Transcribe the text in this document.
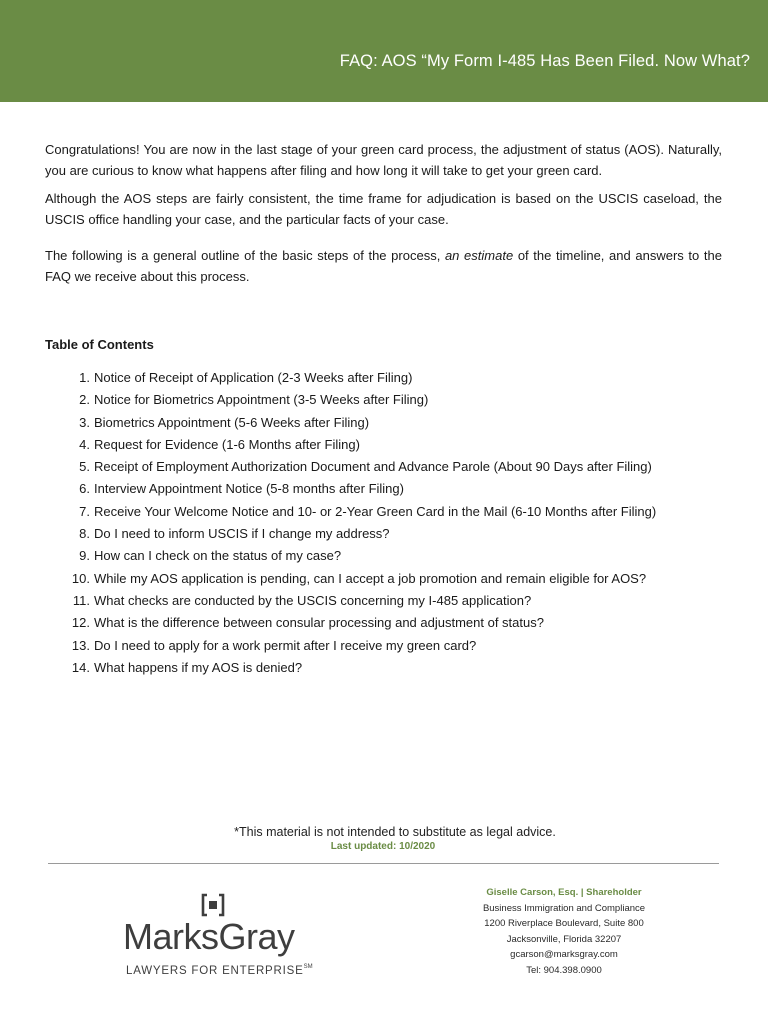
FAQ: AOS “My Form I-485 Has Been Filed. Now What?

Congratulations! You are now in the last stage of your green card process, the adjustment of status (AOS). Naturally, you are curious to know what happens after filing and how long it will take to get your green card.

Although the AOS steps are fairly consistent, the time frame for adjudication is based on the USCIS caseload, the USCIS office handling your case, and the particular facts of your case.

The following is a general outline of the basic steps of the process, an estimate of the timeline, and answers to the FAQ we receive about this process.

Table of Contents
1. Notice of Receipt of Application (2-3 Weeks after Filing)
2. Notice for Biometrics Appointment (3-5 Weeks after Filing)
3. Biometrics Appointment (5-6 Weeks after Filing)
4. Request for Evidence (1-6 Months after Filing)
5. Receipt of Employment Authorization Document and Advance Parole (About 90 Days after Filing)
6. Interview Appointment Notice (5-8 months after Filing)
7. Receive Your Welcome Notice and 10- or 2-Year Green Card in the Mail (6-10 Months after Filing)
8. Do I need to inform USCIS if I change my address?
9. How can I check on the status of my case?
10. While my AOS application is pending, can I accept a job promotion and remain eligible for AOS?
11. What checks are conducted by the USCIS concerning my I-485 application?
12. What is the difference between consular processing and adjustment of status?
13. Do I need to apply for a work permit after I receive my green card?
14. What happens if my AOS is denied?
*This material is not intended to substitute as legal advice.
Last updated: 10/2020
MarksGray
LAWYERS FOR ENTERPRISE℠
Giselle Carson, Esq. | Shareholder
Business Immigration and Compliance
1200 Riverplace Boulevard, Suite 800
Jacksonville, Florida 32207
gcarson@marksgray.com
Tel: 904.398.0900
